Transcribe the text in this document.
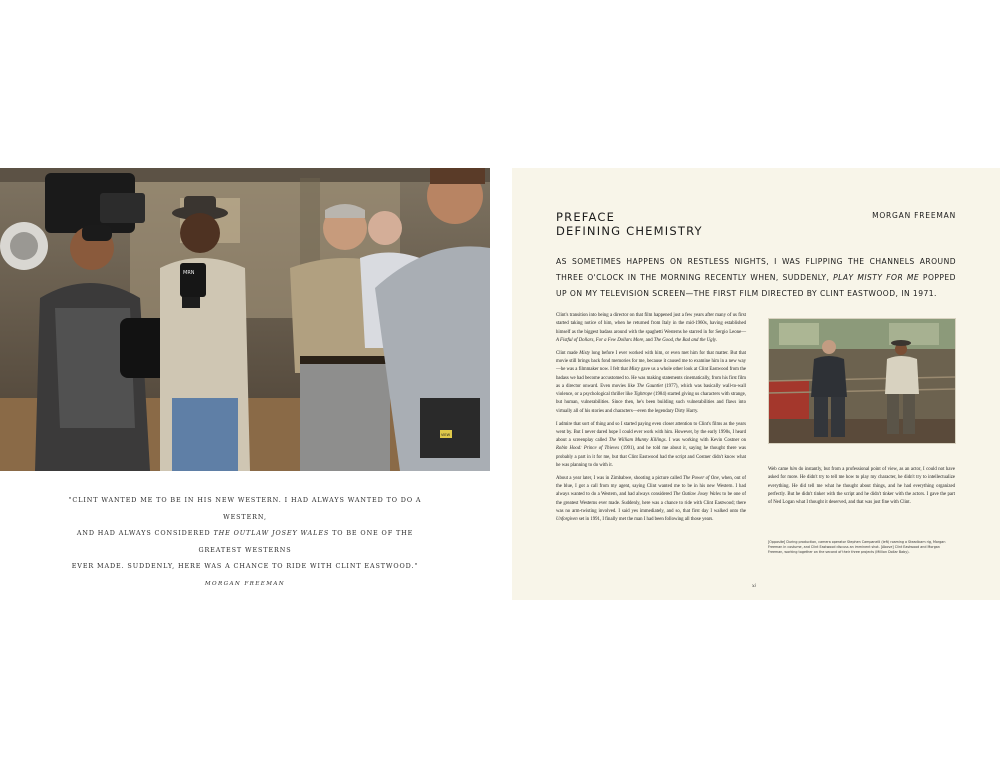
VIEW
MRN

"CLINT WANTED ME TO BE IN HIS NEW WESTERN. I HAD ALWAYS WANTED TO DO A WESTERN,
AND HAD ALWAYS CONSIDERED THE OUTLAW JOSEY WALES TO BE ONE OF THE GREATEST WESTERNS
EVER MADE. SUDDENLY, HERE WAS A CHANCE TO RIDE WITH CLINT EASTWOOD."

MORGAN FREEMAN
PREFACE
DEFINING CHEMISTRY
MORGAN FREEMAN
AS SOMETIMES HAPPENS ON RESTLESS NIGHTS, I WAS FLIPPING THE CHANNELS AROUND THREE O'CLOCK IN THE MORNING RECENTLY WHEN, SUDDENLY, PLAY MISTY FOR ME POPPED UP ON MY TELEVISION SCREEN—THE FIRST FILM DIRECTED BY CLINT EASTWOOD, IN 1971.

Clint's transition into being a director on that film happened just a few years after many of us first started taking notice of him, when he returned from Italy in the mid-1960s, having established himself as the biggest badass around with the spaghetti Westerns he starred in for Sergio Leone—A Fistful of Dollars, For a Few Dollars More, and The Good, the Bad and the Ugly.

Clint made Misty long before I ever worked with him, or even met him for that matter. But that movie still brings back fond memories for me, because it caused me to examine him in a new way—he was a filmmaker now. I felt that Misty gave us a whole other look at Clint Eastwood from the badass we had become accustomed to. He was making statements cinematically, from his first film as a director onward. Even movies like The Gauntlet (1977), which was basically wall-to-wall violence, or a psychological thriller like Tightrope (1984) started giving us characters with strange, but human, vulnerabilities. Since then, he's been building such vulnerabilities and flaws into virtually all of his stories and characters—even the legendary Dirty Harry.

I admire that sort of thing and so I started paying even closer attention to Clint's films as the years went by. But I never dared hope I could ever work with him. However, by the early 1990s, I heard about a screenplay called The William Munny Killings. I was working with Kevin Costner on Robin Hood: Prince of Thieves (1991), and he told me about it, saying he thought there was probably a part in it for me, but that Clint Eastwood had the script and Costner didn't know what he was planning to do with it.

About a year later, I was in Zimbabwe, shooting a picture called The Power of One, when, out of the blue, I got a call from my agent, saying Clint wanted me to be in his new Western. I had always wanted to do a Western, and had always considered The Outlaw Josey Wales to be one of the greatest Westerns ever made. Suddenly, here was a chance to ride with Clint Eastwood; there was no arm-twisting involved. I said yes immediately, and so, that first day I walked onto the Unforgiven set in 1991, I finally met the man I had been following all those years.

Web came him do instantly, but from a professional point of view, as an actor, I could not have asked for more. He didn't try to tell me how to play my character, he didn't try to intellectualize everything. He did tell me what he thought about things, and he had everything organized perfectly. But he didn't tinker with the script and he didn't tinker with the actors. I gave the part of Ned Logan what I thought it deserved, and that was just fine with Clint.

[Opposite] During production, camera operator Stephen Campanelli (left) roaming a Steadicam rig, Morgan Freeman in costume, and Clint Eastwood discuss an imminent shot. [Above] Clint Eastwood and Morgan Freeman, working together on the second of their three projects (Million Dollar Baby).
xi
